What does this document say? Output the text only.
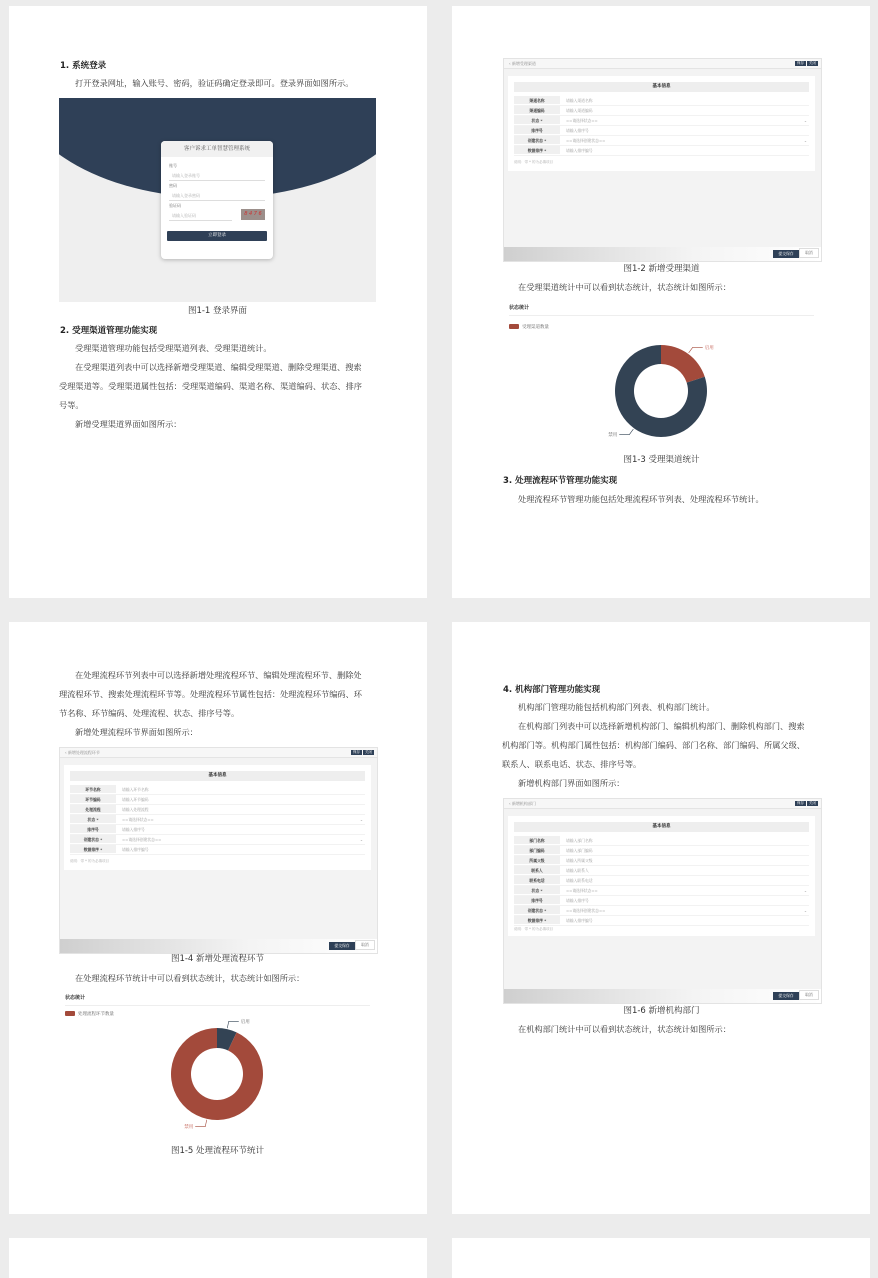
1. 系统登录
打开登录网址，输入账号、密码，验证码确定登录即可。登录界面如图所示。
客户诉求工单智慧管理系统
账号
请输入登录账号
密码
请输入登录密码
验证码
请输入验证码	8 4 7 6
立即登录
图1-1 登录界面
2. 受理渠道管理功能实现
受理渠道管理功能包括受理渠道列表、受理渠道统计。
在受理渠道列表中可以选择新增受理渠道、编辑受理渠道、删除受理渠道、搜索
受理渠道等。受理渠道属性包括：受理渠道编码、渠道名称、渠道编码、状态、排序
号等。
新增受理渠道界面如图所示：
‹ 新增受理渠道	保存	关闭
基本信息
渠道名称	请输入渠道名称
渠道编码	请输入渠道编码
状态 *	==请选择状态==	⌄
排序号	请输入排序号
创建状态 *	==请选择创建状态==	⌄
数据排序 *	请输入排序编号
说明：带 * 的为必填项目
提交保存	取消
图1-2 新增受理渠道
在受理渠道统计中可以看到状态统计，状态统计如图所示：
状态统计
受理渠道数量
启用
禁用
图1-3 受理渠道统计
3. 处理流程环节管理功能实现
处理流程环节管理功能包括处理流程环节列表、处理流程环节统计。
在处理流程环节列表中可以选择新增处理流程环节、编辑处理流程环节、删除处
理流程环节、搜索处理流程环节等。处理流程环节属性包括：处理流程环节编码、环
节名称、环节编码、处理流程、状态、排序号等。
新增处理流程环节界面如图所示：
‹ 新增处理流程环节	保存	关闭
基本信息
环节名称	请输入环节名称
环节编码	请输入环节编码
处理流程	请输入处理流程
状态 *	==请选择状态==	⌄
排序号	请输入排序号
创建状态 *	==请选择创建状态==	⌄
数据排序 *	请输入排序编号
说明：带 * 的为必填项目
提交保存	取消
图1-4 新增处理流程环节
在处理流程环节统计中可以看到状态统计，状态统计如图所示：
状态统计
处理流程环节数量
启用
禁用
图1-5 处理流程环节统计
4. 机构部门管理功能实现
机构部门管理功能包括机构部门列表、机构部门统计。
在机构部门列表中可以选择新增机构部门、编辑机构部门、删除机构部门、搜索
机构部门等。机构部门属性包括：机构部门编码、部门名称、部门编码、所属父级、
联系人、联系电话、状态、排序号等。
新增机构部门界面如图所示：
‹ 新增机构部门	保存	关闭
基本信息
部门名称	请输入部门名称
部门编码	请输入部门编码
所属父级	请输入所属父级
联系人	请输入联系人
联系电话	请输入联系电话
状态 *	==请选择状态==	⌄
排序号	请输入排序号
创建状态 *	==请选择创建状态==	⌄
数据排序 *	请输入排序编号
说明：带 * 的为必填项目
提交保存	取消
图1-6 新增机构部门
在机构部门统计中可以看到状态统计，状态统计如图所示：
